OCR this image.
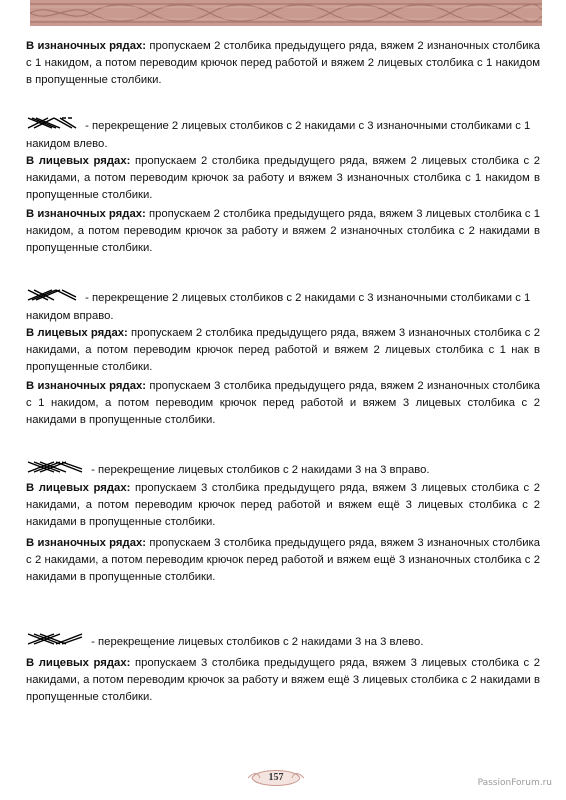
В изнаночных рядах: пропускаем 2 столбика предыдущего ряда, вяжем 2 изнаночных столбика с 1 накидом, а потом переводим крючок перед работой и вяжем 2 лицевых столбика с 1 накидом в пропущенные столбики.
- перекрещение 2 лицевых столбиков с 2 накидами с 3 изнаночными столбиками с 1 накидом влево.
В лицевых рядах: пропускаем 2 столбика предыдущего ряда, вяжем 2 лицевых столбика с 2 накидами, а потом переводим крючок за работу и вяжем 3 изнаночных столбика с 1 накидом в пропущенные столбики.
В изнаночных рядах: пропускаем 2 столбика предыдущего ряда, вяжем 3 лицевых столбика с 1 накидом, а потом переводим крючок за работу и вяжем 2 изнаночных столбика с 2 накидами в пропущенные столбики.
- перекрещение 2 лицевых столбиков с 2 накидами с 3 изнаночными столбиками с 1 накидом вправо.
В лицевых рядах: пропускаем 2 столбика предыдущего ряда, вяжем 3 изнаночных столбика с 2 накидами, а потом переводим крючок перед работой и вяжем 2 лицевых столбика с 1 нак в пропущенные столбики.
В изнаночных рядах: пропускаем 3 столбика предыдущего ряда, вяжем 2 изнаночных столбика с 1 накидом, а потом переводим крючок перед работой и вяжем 3 лицевых столбика с 2 накидами в пропущенные столбики.
- перекрещение лицевых столбиков с 2 накидами 3 на 3 вправо.
В лицевых рядах: пропускаем 3 столбика предыдущего ряда, вяжем 3 лицевых столбика с 2 накидами, а потом переводим крючок перед работой и вяжем ещё 3 лицевых столбика с 2 накидами в пропущенные столбики.
В изнаночных рядах: пропускаем 3 столбика предыдущего ряда, вяжем 3 изнаночных столбика с 2 накидами, а потом переводим крючок перед работой и вяжем ещё 3 изнаночных столбика с 2 накидами в пропущенные столбики.
- перекрещение лицевых столбиков с 2 накидами 3 на 3 влево.
В лицевых рядах: пропускаем 3 столбика предыдущего ряда, вяжем 3 лицевых столбика с 2 накидами, а потом переводим крючок за работу и вяжем ещё 3 лицевых столбика с 2 накидами в пропущенные столбики.
157	PassionForum.ru
